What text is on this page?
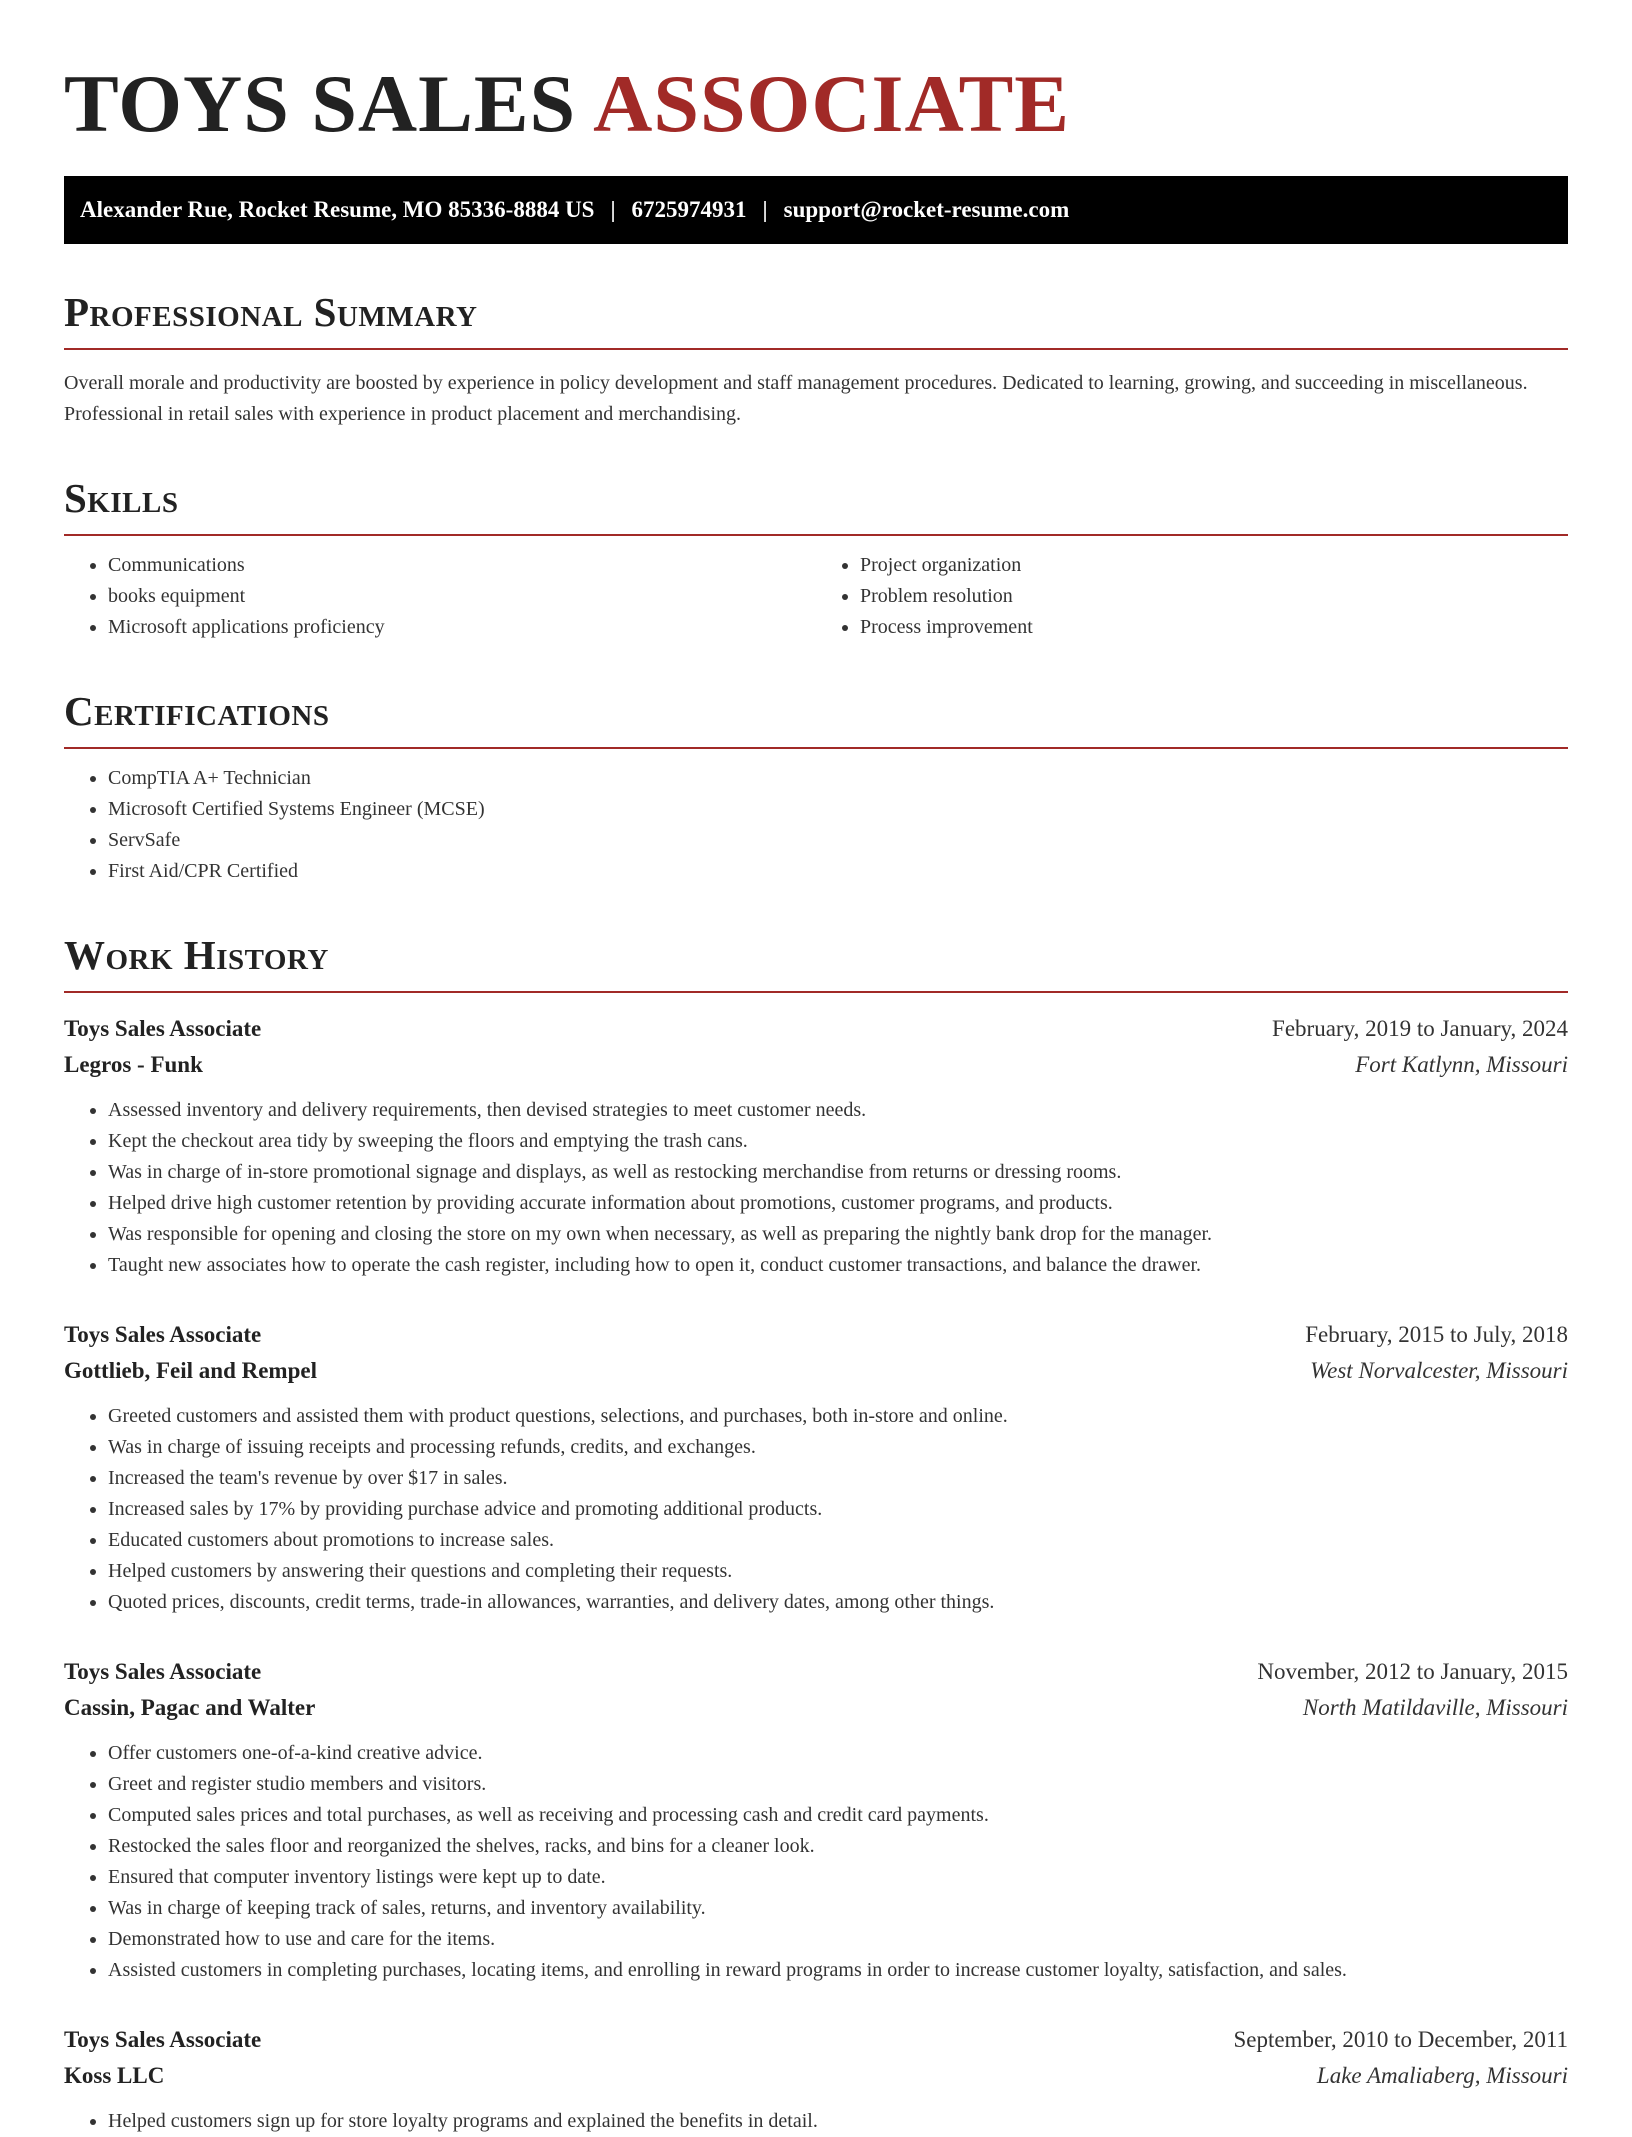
TOYS SALES ASSOCIATE
Alexander Rue, Rocket Resume, MO 85336-8884 US | 6725974931 | support@rocket-resume.com
Professional Summary

Overall morale and productivity are boosted by experience in policy development and staff management procedures. Dedicated to learning, growing, and succeeding in miscellaneous. Professional in retail sales with experience in product placement and merchandising.

Skills
• Communications
• books equipment
• Microsoft applications proficiency
• Project organization
• Problem resolution
• Process improvement
Certifications
• CompTIA A+ Technician
• Microsoft Certified Systems Engineer (MCSE)
• ServSafe
• First Aid/CPR Certified
Work History
Toys Sales Associate	February, 2019 to January, 2024
Legros - Funk	Fort Katlynn, Missouri
• Assessed inventory and delivery requirements, then devised strategies to meet customer needs.
• Kept the checkout area tidy by sweeping the floors and emptying the trash cans.
• Was in charge of in-store promotional signage and displays, as well as restocking merchandise from returns or dressing rooms.
• Helped drive high customer retention by providing accurate information about promotions, customer programs, and products.
• Was responsible for opening and closing the store on my own when necessary, as well as preparing the nightly bank drop for the manager.
• Taught new associates how to operate the cash register, including how to open it, conduct customer transactions, and balance the drawer.
Toys Sales Associate	February, 2015 to July, 2018
Gottlieb, Feil and Rempel	West Norvalcester, Missouri
• Greeted customers and assisted them with product questions, selections, and purchases, both in-store and online.
• Was in charge of issuing receipts and processing refunds, credits, and exchanges.
• Increased the team's revenue by over $17 in sales.
• Increased sales by 17% by providing purchase advice and promoting additional products.
• Educated customers about promotions to increase sales.
• Helped customers by answering their questions and completing their requests.
• Quoted prices, discounts, credit terms, trade-in allowances, warranties, and delivery dates, among other things.
Toys Sales Associate	November, 2012 to January, 2015
Cassin, Pagac and Walter	North Matildaville, Missouri
• Offer customers one-of-a-kind creative advice.
• Greet and register studio members and visitors.
• Computed sales prices and total purchases, as well as receiving and processing cash and credit card payments.
• Restocked the sales floor and reorganized the shelves, racks, and bins for a cleaner look.
• Ensured that computer inventory listings were kept up to date.
• Was in charge of keeping track of sales, returns, and inventory availability.
• Demonstrated how to use and care for the items.
• Assisted customers in completing purchases, locating items, and enrolling in reward programs in order to increase customer loyalty, satisfaction, and sales.
Toys Sales Associate	September, 2010 to December, 2011
Koss LLC	Lake Amaliaberg, Missouri
• Helped customers sign up for store loyalty programs and explained the benefits in detail.
